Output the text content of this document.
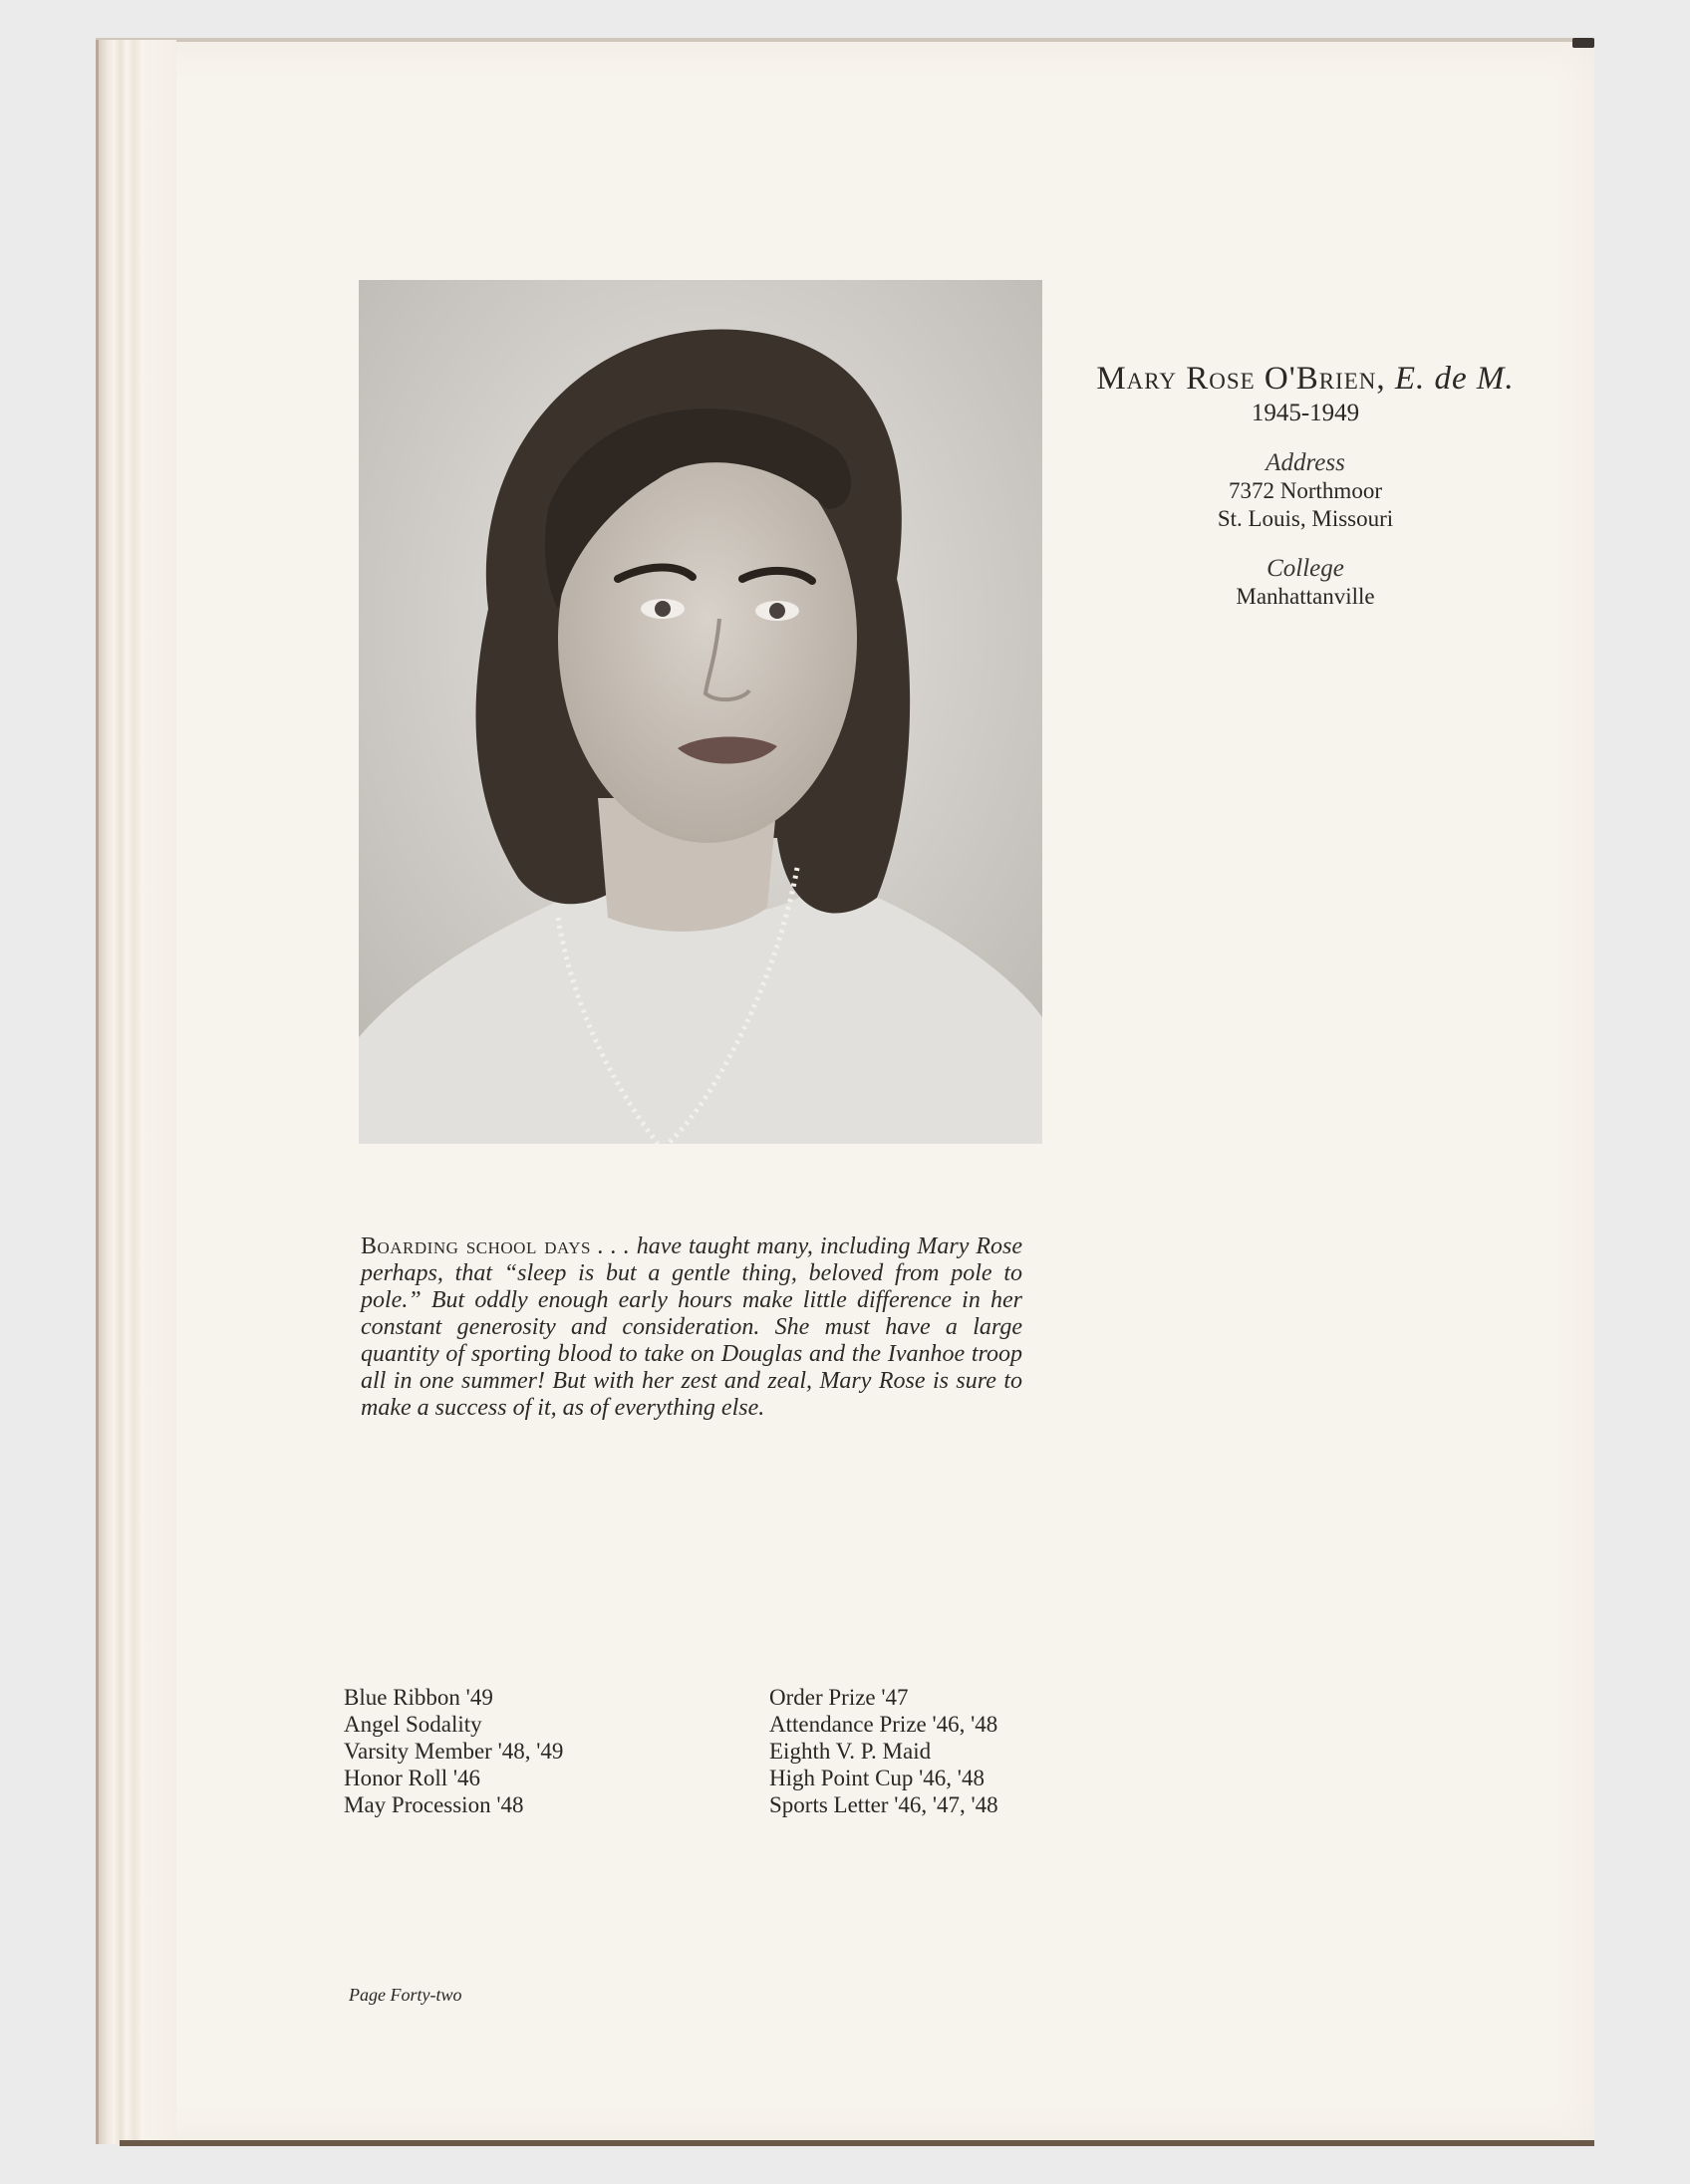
Mary Rose O'Brien, E. de M.
1945-1949
Address
7372 Northmoor
St. Louis, Missouri
College
Manhattanville
Boarding school days . . . have taught many, including Mary Rose perhaps, that “sleep is but a gentle thing, beloved from pole to pole.” But oddly enough early hours make little difference in her constant generosity and consideration. She must have a large quantity of sporting blood to take on Douglas and the Ivanhoe troop all in one summer! But with her zest and zeal, Mary Rose is sure to make a success of it, as of everything else.
Blue Ribbon '49
Angel Sodality
Varsity Member '48, '49
Honor Roll '46
May Procession '48
Order Prize '47
Attendance Prize '46, '48
Eighth V. P. Maid
High Point Cup '46, '48
Sports Letter '46, '47, '48
Page Forty-two
